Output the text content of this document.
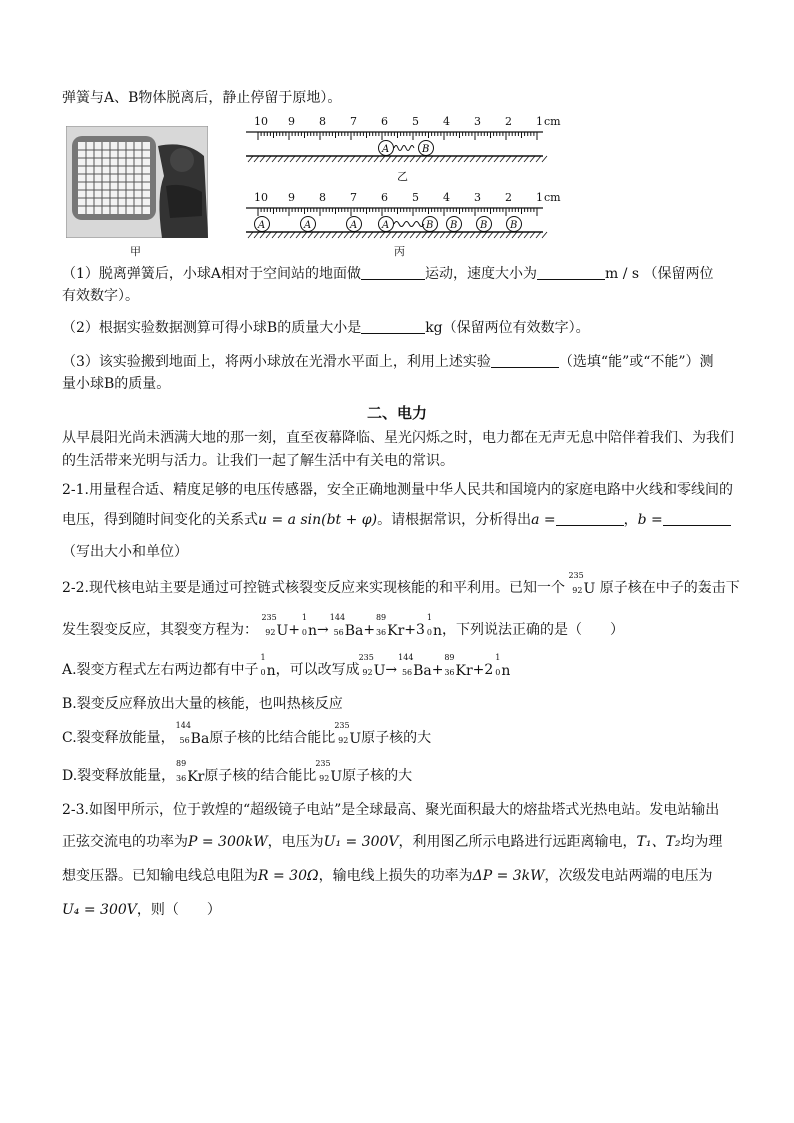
弹簧与A、B物体脱离后，静止停留于原地）。
甲
10 9 8 7 6 5 4 3 2 1 cm
A	B
乙
10 9 8 7 6 5 4 3 2 1 cm
A	A	A A	B B B B
丙
（1）脱离弹簧后，小球A相对于空间站的地面做	运动，速度大小为	m / s （保留两位
有效数字）。
（2）根据实验数据测算可得小球B的质量大小是	kg（保留两位有效数字）。
（3）该实验搬到地面上，将两小球放在光滑水平面上，利用上述实验	（选填“能”或“不能”）测
量小球B的质量。
二、电力
从早晨阳光尚未洒满大地的那一刻，直至夜幕降临、星光闪烁之时，电力都在无声无息中陪伴着我们、为我们
的生活带来光明与活力。让我们一起了解生活中有关电的常识。
2-1.用量程合适、精度足够的电压传感器，安全正确地测量中华人民共和国境内的家庭电路中火线和零线间的
电压，得到随时间变化的关系式u = a sin(bt + φ)。请根据常识，分析得出a =	，b =
（写出大小和单位）
2-2.现代核电站主要是通过可控链式核裂变反应来实现核能的和平利用。已知一个
235
92 U 原子核在中子的轰击下
发生裂变反应，其裂变方程为：
235
92 U+
1
0 n→
144
56 Ba+
89
36 Kr+3
1
0 n，下列说法正确的是（　　）
A.裂变方程式左右两边都有中子
1
0 n，可以改写成
235
92 U→
144
56 Ba+
89
36 Kr+2
1
0 n
B.裂变反应释放出大量的核能，也叫热核反应
C.裂变释放能量，
144
56 Ba原子核的比结合能比
235
92 U原子核的大
D.裂变释放能量，
89
36 Kr原子核的结合能比
235
92 U原子核的大
2-3.如图甲所示，位于敦煌的“超级镜子电站”是全球最高、聚光面积最大的熔盐塔式光热电站。发电站输出
正弦交流电的功率为P = 300kW，电压为U₁ = 300V，利用图乙所示电路进行远距离输电，T₁、T₂均为理
想变压器。已知输电线总电阻为R = 30Ω，输电线上损失的功率为ΔP = 3kW，次级发电站两端的电压为
U₄ = 300V，则（　　）
